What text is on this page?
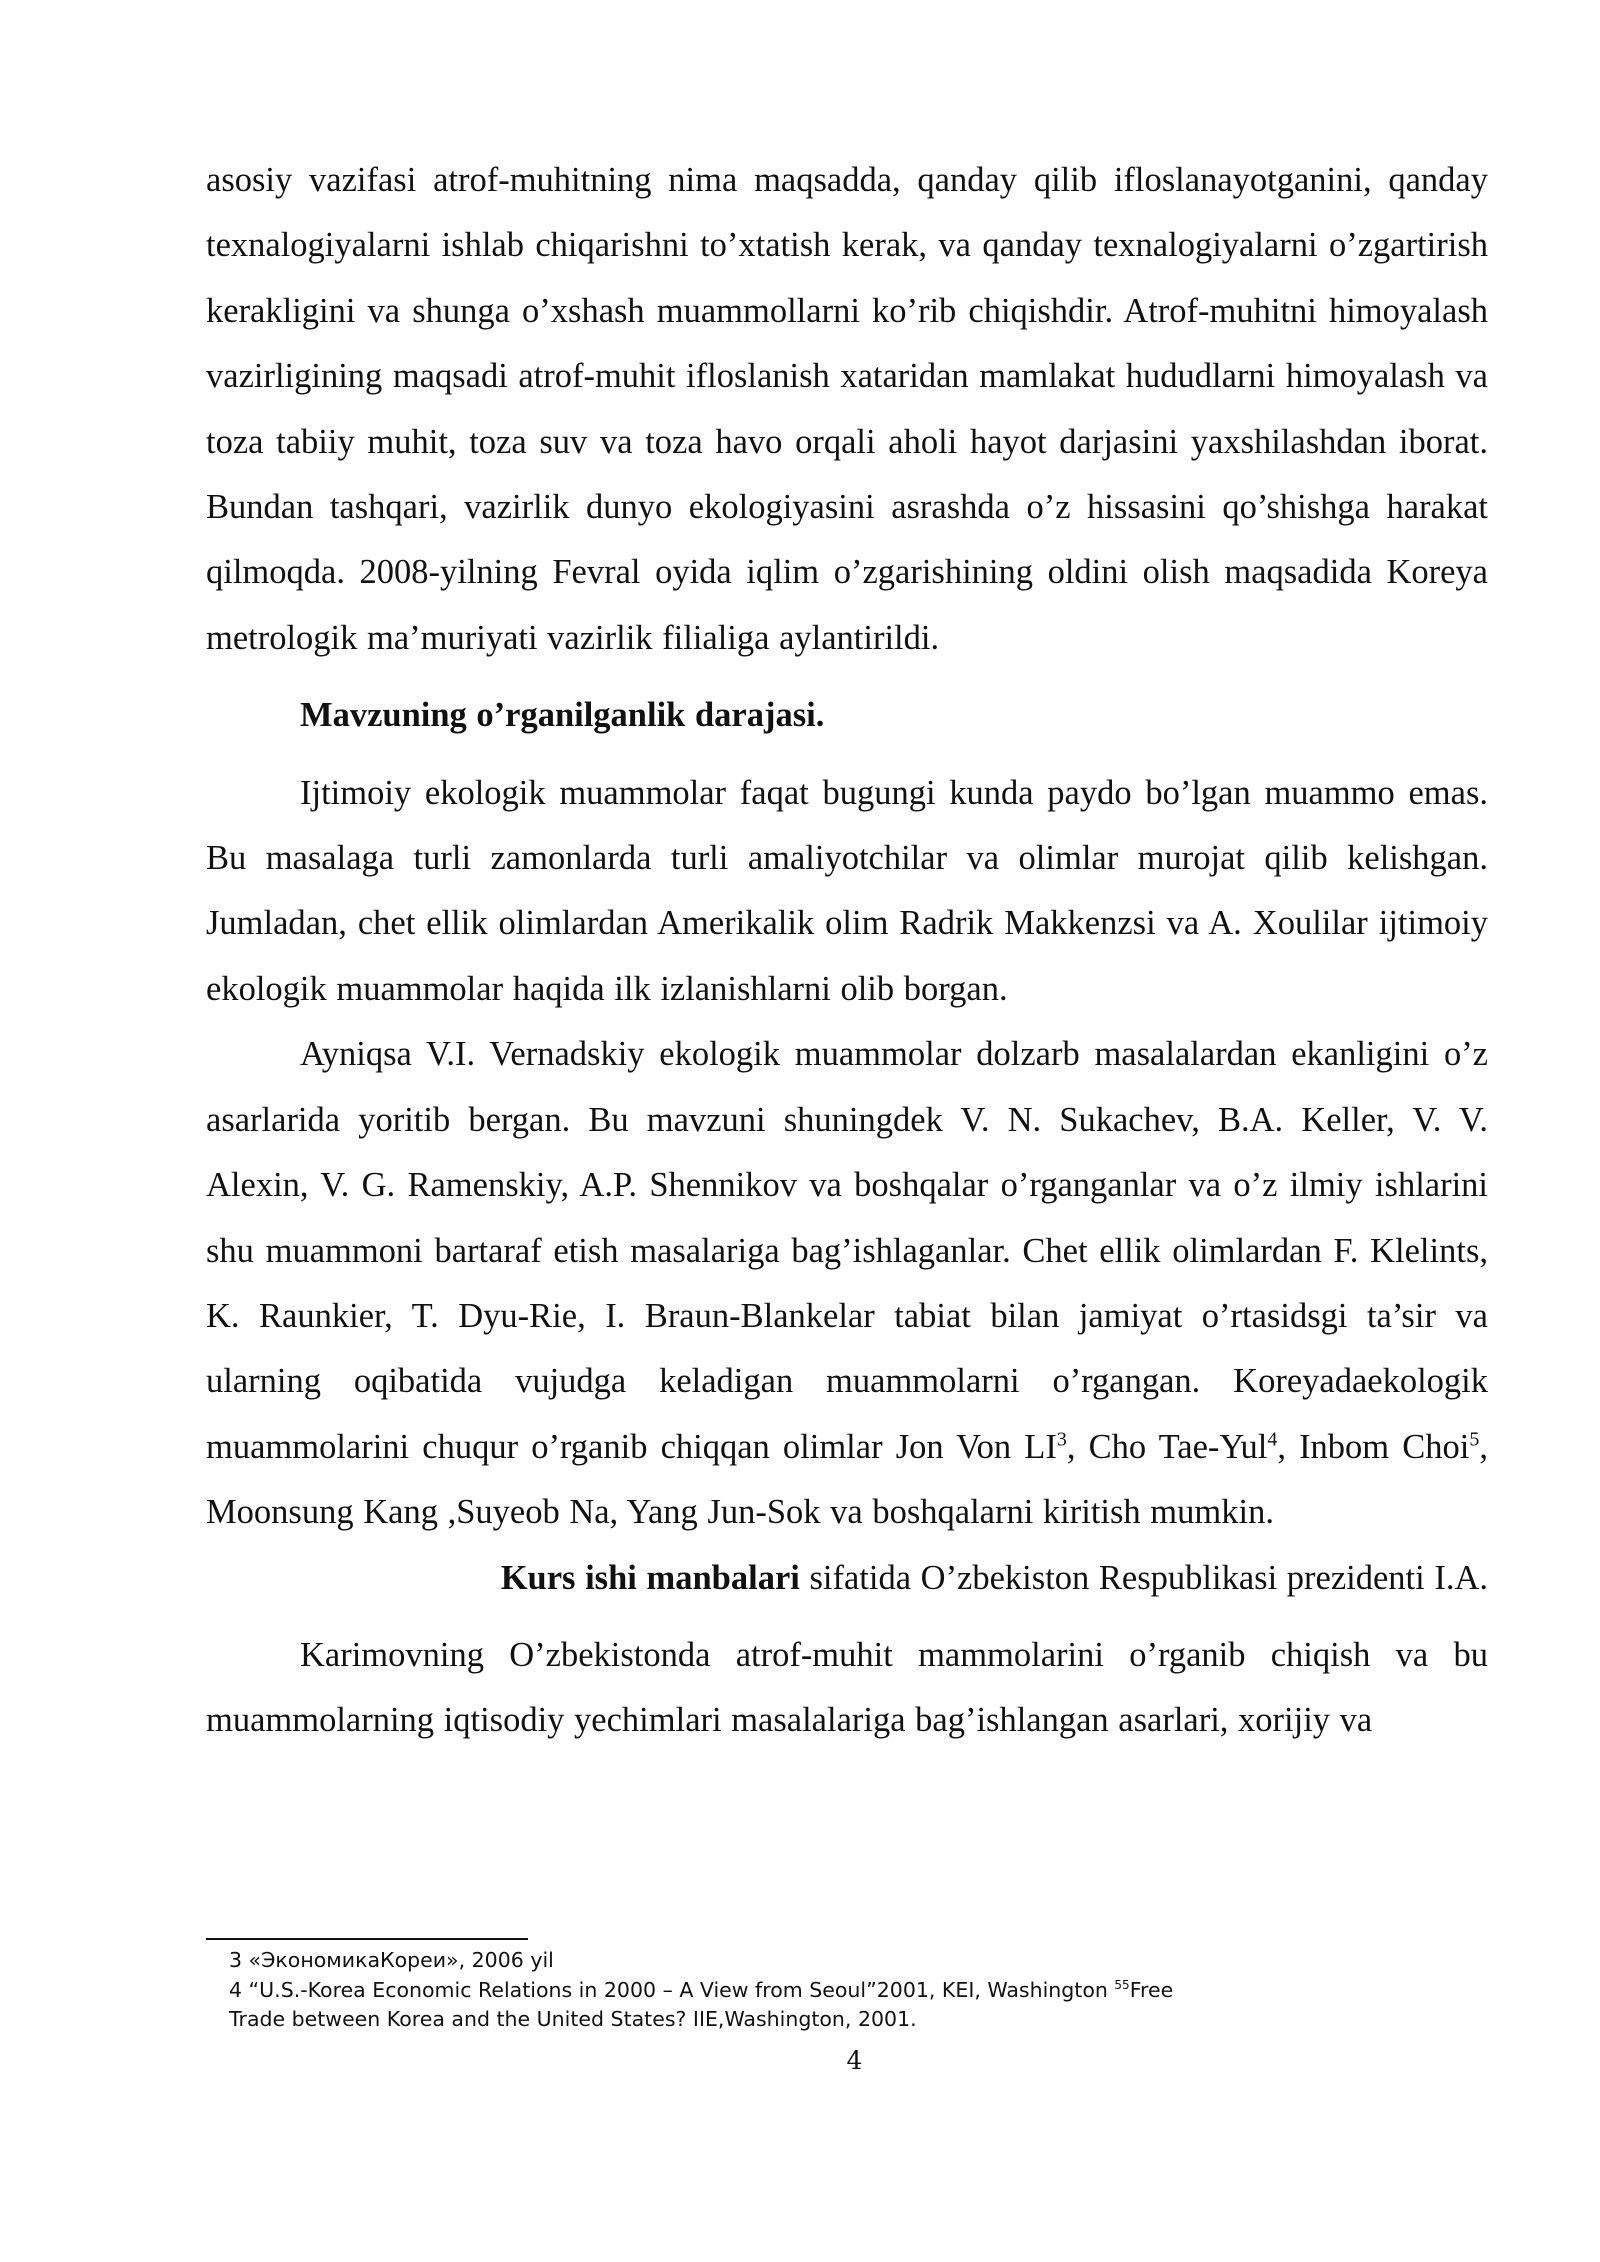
asosiy vazifasi atrof-muhitning nima maqsadda, qanday qilib ifloslanayotganini, qanday texnalogiyalarni ishlab chiqarishni to’xtatish kerak, va qanday texnalogiyalarni o’zgartirish kerakligini va shunga o’xshash muammollarni ko’rib chiqishdir. Atrof-muhitni himoyalash vazirligining maqsadi atrof-muhit ifloslanish xataridan mamlakat hududlarni himoyalash va toza tabiiy muhit, toza suv va toza havo orqali aholi hayot darjasini yaxshilashdan iborat. Bundan tashqari, vazirlik dunyo ekologiyasini asrashda o’z hissasini qo’shishga harakat qilmoqda. 2008-yilning Fevral oyida iqlim o’zgarishining oldini olish maqsadida Koreya metrologik ma’muriyati vazirlik filialiga aylantirildi.

Mavzuning o’rganilganlik darajasi.

Ijtimoiy ekologik muammolar faqat bugungi kunda paydo bo’lgan muammo emas. Bu masalaga turli zamonlarda turli amaliyotchilar va olimlar murojat qilib kelishgan. Jumladan, chet ellik olimlardan Amerikalik olim Radrik Makkenzsi va A. Xoulilar ijtimoiy ekologik muammolar haqida ilk izlanishlarni olib borgan.

Ayniqsa V.I. Vernadskiy ekologik muammolar dolzarb masalalardan ekanligini o’z asarlarida yoritib bergan. Bu mavzuni shuningdek V. N. Sukachev, B.A. Keller, V. V. Alexin, V. G. Ramenskiy, A.P. Shennikov va boshqalar o’rganganlar va o’z ilmiy ishlarini shu muammoni bartaraf etish masalariga bag’ishlaganlar. Chet ellik olimlardan F. Klelints, K. Raunkier, T. Dyu-Rie, I. Braun-Blankelar tabiat bilan jamiyat o’rtasidsgi ta’sir va ularning oqibatida vujudga keladigan muammolarni o’rgangan. Koreyadaekologik muammolarini chuqur o’rganib chiqqan olimlar Jon Von $LI^3$, Cho Tae-Yul$^4$, Inbom Choi$^5$, Moonsung Kang ,Suyeob Na, Yang Jun-Sok va boshqalarni kiritish mumkin.

Kurs ishi manbalari sifatida O’zbekiston Respublikasi prezidenti I.A.

Karimovning O’zbekistonda atrof-muhit mammolarini o’rganib chiqish va bu muammolarning iqtisodiy yechimlari masalalariga bag’ishlangan asarlari, xorijiy va

3 «ЭкономикаКореи», 2006 yil

4 “U.S.-Korea Economic Relations in 2000 – A View from Seoul”2001, KEI, Washington $^{55}$Free

Trade between Korea and the United States? IIE,Washington, 2001.

4
